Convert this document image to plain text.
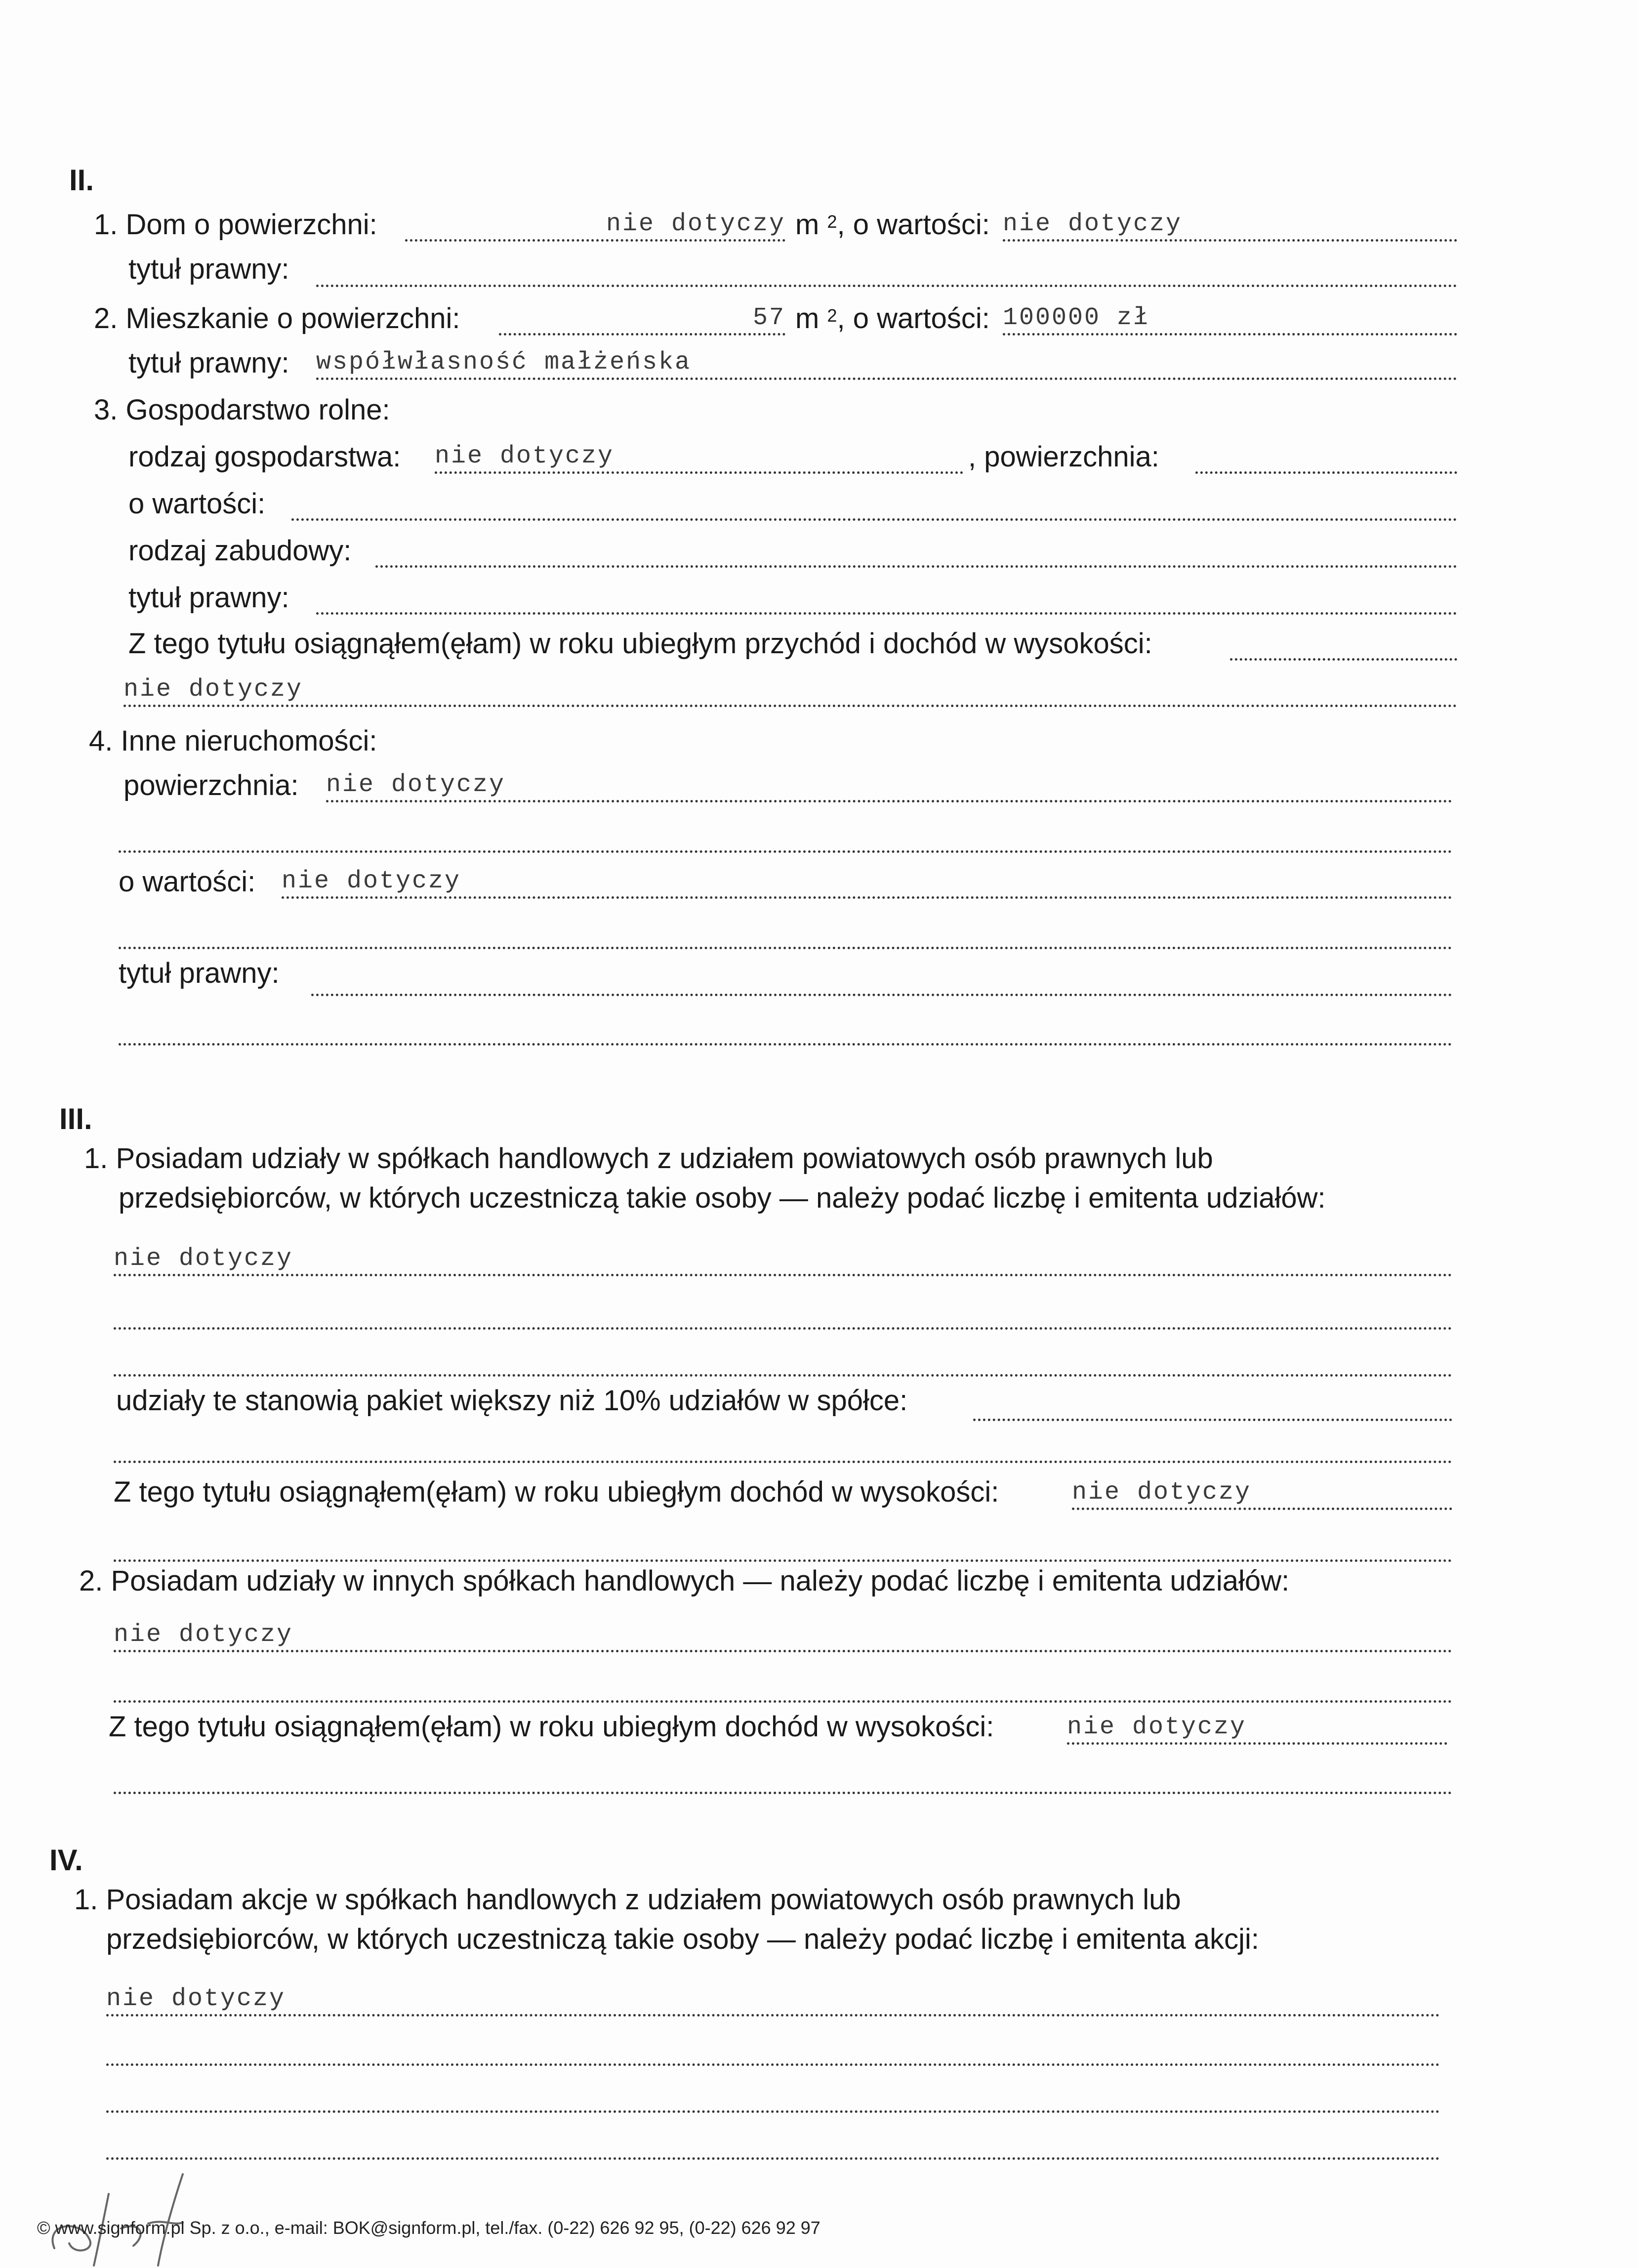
II.
1. Dom o powierzchni:	nie dotyczy m $^2$, o wartości: nie dotyczy
tytuł prawny:
2. Mieszkanie o powierzchni:	57 m $^2$, o wartości: 100000 zł
tytuł prawny: współwłasność małżeńska
3. Gospodarstwo rolne:
rodzaj gospodarstwa: nie dotyczy	, powierzchnia:
o wartości:
rodzaj zabudowy:
tytuł prawny:
Z tego tytułu osiągnąłem(ęłam) w roku ubiegłym przychód i dochód w wysokości:
nie dotyczy
4. Inne nieruchomości:
powierzchnia: nie dotyczy
o wartości: nie dotyczy
tytuł prawny:
III.
1. Posiadam udziały w spółkach handlowych z udziałem powiatowych osób prawnych lub
przedsiębiorców, w których uczestniczą takie osoby — należy podać liczbę i emitenta udziałów:
nie dotyczy
udziały te stanowią pakiet większy niż 10% udziałów w spółce:
Z tego tytułu osiągnąłem(ęłam) w roku ubiegłym dochód w wysokości:	nie dotyczy
2. Posiadam udziały w innych spółkach handlowych — należy podać liczbę i emitenta udziałów:
nie dotyczy
Z tego tytułu osiągnąłem(ęłam) w roku ubiegłym dochód w wysokości:	nie dotyczy
IV.
1. Posiadam akcje w spółkach handlowych z udziałem powiatowych osób prawnych lub
przedsiębiorców, w których uczestniczą takie osoby — należy podać liczbę i emitenta akcji:
nie dotyczy
© www.signform.pl Sp. z o.o., e-mail: BOK@signform.pl, tel./fax. (0-22) 626 92 95, (0-22) 626 92 97
